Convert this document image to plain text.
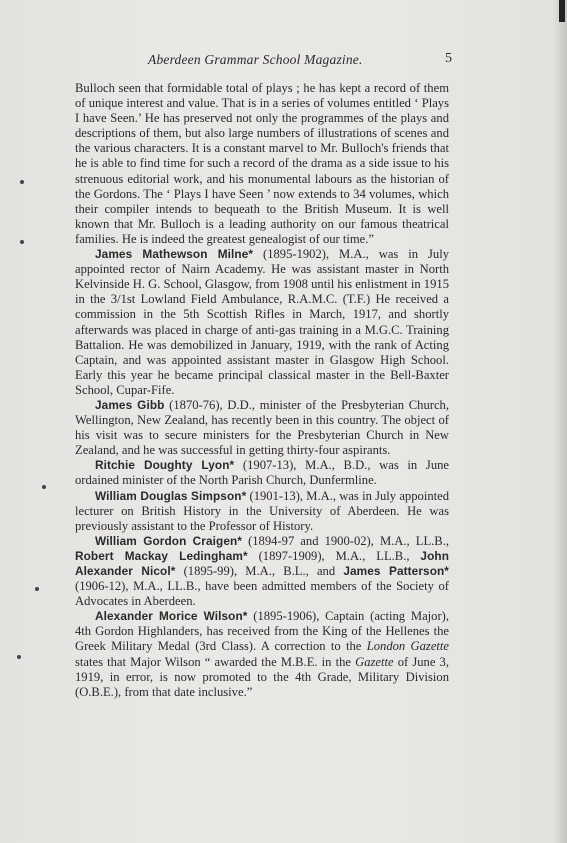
Aberdeen Grammar School Magazine.	5

Bulloch seen that formidable total of plays ; he has kept a record of them of unique interest and value. That is in a series of volumes entitled ‘ Plays I have Seen.’ He has preserved not only the programmes of the plays and descriptions of them, but also large numbers of illustrations of scenes and the various characters. It is a constant marvel to Mr. Bulloch's friends that he is able to find time for such a record of the drama as a side issue to his strenuous editorial work, and his monumental labours as the historian of the Gordons. The ‘ Plays I have Seen ’ now extends to 34 volumes, which their compiler intends to bequeath to the British Museum. It is well known that Mr. Bulloch is a leading authority on our famous theatrical families. He is indeed the greatest genealogist of our time.”

James Mathewson Milne* (1895-1902), M.A., was in July appointed rector of Nairn Academy. He was assistant master in North Kelvinside H. G. School, Glasgow, from 1908 until his enlistment in 1915 in the 3/1st Lowland Field Ambulance, R.A.M.C. (T.F.) He received a commission in the 5th Scottish Rifles in March, 1917, and shortly afterwards was placed in charge of anti-gas training in a M.G.C. Training Battalion. He was demobilized in January, 1919, with the rank of Acting Captain, and was appointed assistant master in Glasgow High School. Early this year he became principal classical master in the Bell-Baxter School, Cupar-Fife.

James Gibb (1870-76), D.D., minister of the Presbyterian Church, Wellington, New Zealand, has recently been in this country. The object of his visit was to secure ministers for the Presbyterian Church in New Zealand, and he was successful in getting thirty-four aspirants.

Ritchie Doughty Lyon* (1907-13), M.A., B.D., was in June ordained minister of the North Parish Church, Dunfermline.

William Douglas Simpson* (1901-13), M.A., was in July appointed lecturer on British History in the University of Aberdeen. He was previously assistant to the Professor of History.

William Gordon Craigen* (1894-97 and 1900-02), M.A., LL.B., Robert Mackay Ledingham* (1897-1909), M.A., LL.B., John Alexander Nicol* (1895-99), M.A., B.L., and James Patterson* (1906-12), M.A., LL.B., have been admitted members of the Society of Advocates in Aberdeen.

Alexander Morice Wilson* (1895-1906), Captain (acting Major), 4th Gordon Highlanders, has received from the King of the Hellenes the Greek Military Medal (3rd Class). A correction to the London Gazette states that Major Wilson “ awarded the M.B.E. in the Gazette of June 3, 1919, in error, is now promoted to the 4th Grade, Military Division (O.B.E.), from that date inclusive.”
